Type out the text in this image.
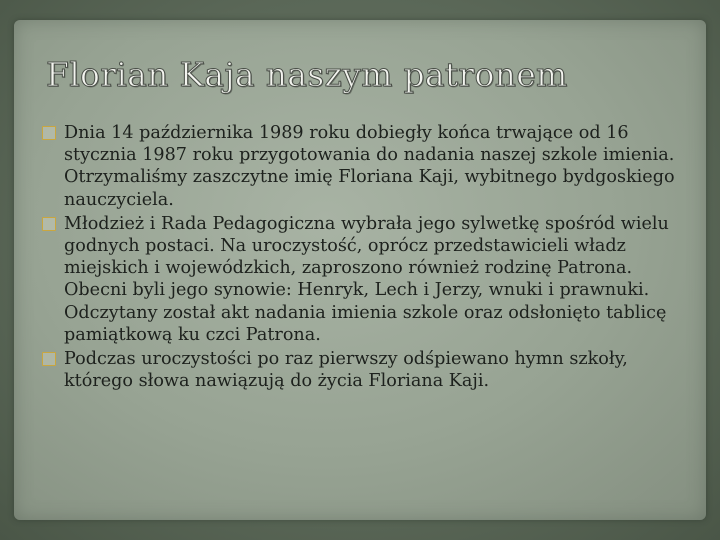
Florian Kaja naszym patronem
Dnia 14 października 1989 roku dobiegły końca trwające od 16 stycznia 1987 roku przygotowania do nadania naszej szkole imienia. Otrzymaliśmy zaszczytne imię Floriana Kaji, wybitnego bydgoskiego nauczyciela.
Młodzież i Rada Pedagogiczna wybrała jego sylwetkę spośród wielu godnych postaci. Na uroczystość, oprócz przedstawicieli władz miejskich i wojewódzkich, zaproszono również rodzinę Patrona. Obecni byli jego synowie: Henryk, Lech i Jerzy, wnuki i prawnuki. Odczytany został akt nadania imienia szkole oraz odsłonięto tablicę pamiątkową ku czci Patrona.
Podczas uroczystości po raz pierwszy odśpiewano hymn szkoły, którego słowa nawiązują do życia Floriana Kaji.
